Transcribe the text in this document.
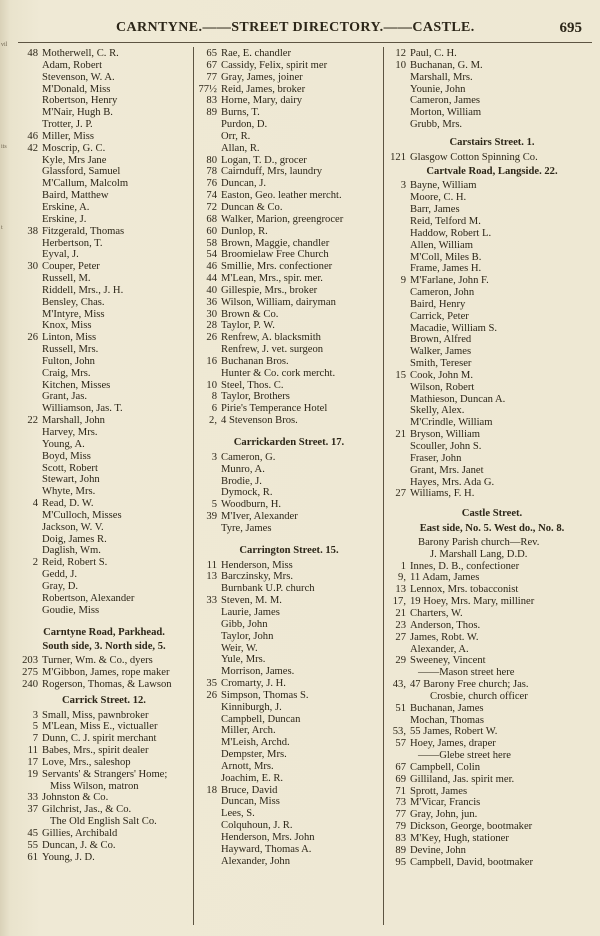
vil
its
t
CARNTYNE.——STREET DIRECTORY.——CASTLE.	695
48 Motherwell, C. R.
Adam, Robert
Stevenson, W. A.
M'Donald, Miss
Robertson, Henry
M'Nair, Hugh B.
Trotter, J. P.
46 Miller, Miss
42 Moscrip, G. C.
Kyle, Mrs Jane
Glassford, Samuel
M'Callum, Malcolm
Baird, Matthew
Erskine, A.
Erskine, J.
38 Fitzgerald, Thomas
Herbertson, T.
Eyval, J.
30 Couper, Peter
Russell, M.
Riddell, Mrs., J. H.
Bensley, Chas.
M'Intyre, Miss
Knox, Miss
26 Linton, Miss
Russell, Mrs.
Fulton, John
Craig, Mrs.
Kitchen, Misses
Grant, Jas.
Williamson, Jas. T.
22 Marshall, John
Harvey, Mrs.
Young, A.
Boyd, Miss
Scott, Robert
Stewart, John
Whyte, Mrs.
4 Read, D. W.
M'Culloch, Misses
Jackson, W. V.
Doig, James R.
Daglish, Wm.
2 Reid, Robert S.
Gedd, J.
Gray, D.
Robertson, Alexander
Goudie, Miss
Carntyne Road, Parkhead.
South side, 3. North side, 5.
203 Turner, Wm. & Co., dyers
275 M'Gibbon, James, rope maker
240 Rogerson, Thomas, & Lawson
Carrick Street. 12.
3 Small, Miss, pawnbroker
5 M'Lean, Miss E., victualler
7 Dunn, C. J. spirit merchant
11 Babes, Mrs., spirit dealer
17 Love, Mrs., saleshop
19 Servants' & Strangers' Home;
Miss Wilson, matron
33 Johnston & Co.
37 Gilchrist, Jas., & Co.
The Old English Salt Co.
45 Gillies, Archibald
55 Duncan, J. & Co.
61 Young, J. D.
65 Rae, E. chandler
67 Cassidy, Felix, spirit mer
77 Gray, James, joiner
77½ Reid, James, broker
83 Horne, Mary, dairy
89 Burns, T.
Purdon, D.
Orr, R.
Allan, R.
80 Logan, T. D., grocer
78 Cairnduff, Mrs, laundry
76 Duncan, J.
74 Easton, Geo. leather mercht.
72 Duncan & Co.
68 Walker, Marion, greengrocer
60 Dunlop, R.
58 Brown, Maggie, chandler
54 Broomielaw Free Church
46 Smillie, Mrs. confectioner
44 M'Lean, Mrs., spir. mer.
40 Gillespie, Mrs., broker
36 Wilson, William, dairyman
30 Brown & Co.
28 Taylor, P. W.
26 Renfrew, A. blacksmith
Renfrew, J. vet. surgeon
16 Buchanan Bros.
Hunter & Co. cork mercht.
10 Steel, Thos. C.
8 Taylor, Brothers
6 Pirie's Temperance Hotel
2, 4 Stevenson Bros.
Carrickarden Street. 17.
3 Cameron, G.
Munro, A.
Brodie, J.
Dymock, R.
5 Woodburn, H.
39 M'Iver, Alexander
Tyre, James
Carrington Street. 15.
11 Henderson, Miss
13 Barczinsky, Mrs.
Burnbank U.P. church
33 Steven, M. M.
Laurie, James
Gibb, John
Taylor, John
Weir, W.
Yule, Mrs.
Morrison, James.
35 Cromarty, J. H.
26 Simpson, Thomas S.
Kinniburgh, J.
Campbell, Duncan
Miller, Arch.
M'Leish, Archd.
Dempster, Mrs.
Arnott, Mrs.
Joachim, E. R.
18 Bruce, David
Duncan, Miss
Lees, S.
Colquhoun, J. R.
Henderson, Mrs. John
Hayward, Thomas A.
Alexander, John
12 Paul, C. H.
10 Buchanan, G. M.
Marshall, Mrs.
Younie, John
Cameron, James
Morton, William
Grubb, Mrs.
Carstairs Street. 1.
121 Glasgow Cotton Spinning Co.
Cartvale Road, Langside. 22.
3 Bayne, William
Moore, C. H.
Barr, James
Reid, Telford M.
Haddow, Robert L.
Allen, William
M'Coll, Miles B.
Frame, James H.
9 M'Farlane, John F.
Cameron, John
Baird, Henry
Carrick, Peter
Macadie, William S.
Brown, Alfred
Walker, James
Smith, Tereser
15 Cook, John M.
Wilson, Robert
Mathieson, Duncan A.
Skelly, Alex.
M'Crindle, William
21 Bryson, William
Scouller, John S.
Fraser, John
Grant, Mrs. Janet
Hayes, Mrs. Ada G.
27 Williams, F. H.
Castle Street.
East side, No. 5. West do., No. 8.
Barony Parish church—Rev.
J. Marshall Lang, D.D.
1 Innes, D. B., confectioner
9, 11 Adam, James
13 Lennox, Mrs. tobacconist
17, 19 Hoey, Mrs. Mary, milliner
21 Charters, W.
23 Anderson, Thos.
27 James, Robt. W.
Alexander, A.
29 Sweeney, Vincent
——Mason street here
43, 47 Barony Free church; Jas.
Crosbie, church officer
51 Buchanan, James
Mochan, Thomas
53, 55 James, Robert W.
57 Hoey, James, draper
——Glebe street here
67 Campbell, Colin
69 Gilliland, Jas. spirit mer.
71 Sprott, James
73 M'Vicar, Francis
77 Gray, John, jun.
79 Dickson, George, bootmaker
83 M'Key, Hugh, stationer
89 Devine, John
95 Campbell, David, bootmaker
